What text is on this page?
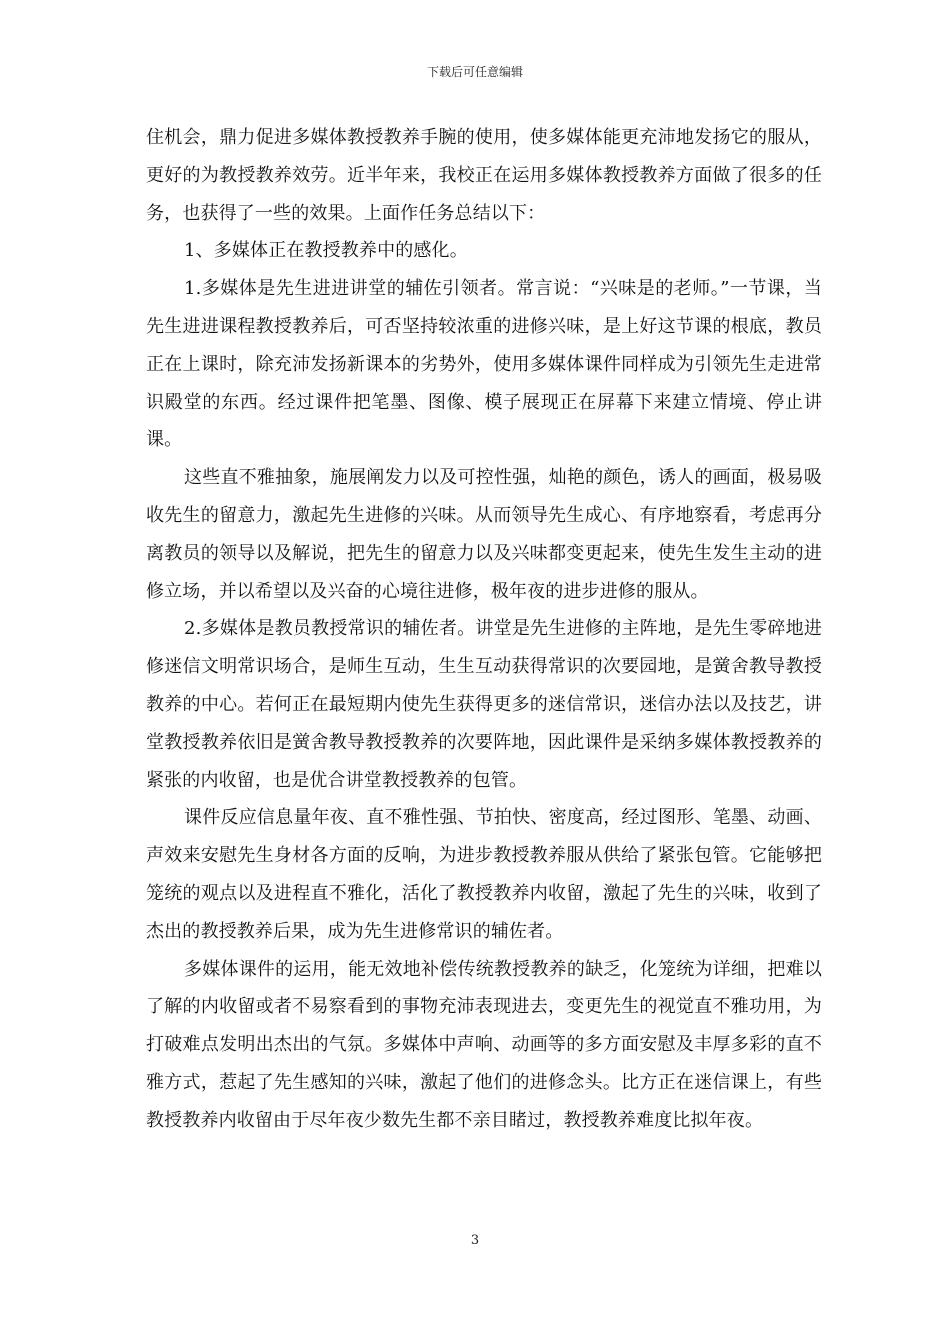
下载后可任意编辑

住机会，鼎力促进多媒体教授教养手腕的使用，使多媒体能更充沛地发扬它的服从，更好的为教授教养效劳。近半年来，我校正在运用多媒体教授教养方面做了很多的任务，也获得了一些的效果。上面作任务总结以下：

1、多媒体正在教授教养中的感化。

1.多媒体是先生进进讲堂的辅佐引领者。常言说：“兴味是的老师。”一节课，当先生进进课程教授教养后，可否坚持较浓重的进修兴味，是上好这节课的根底，教员正在上课时，除充沛发扬新课本的劣势外，使用多媒体课件同样成为引领先生走进常识殿堂的东西。经过课件把笔墨、图像、模子展现正在屏幕下来建立情境、停止讲课。

这些直不雅抽象，施展阐发力以及可控性强，灿艳的颜色，诱人的画面，极易吸收先生的留意力，激起先生进修的兴味。从而领导先生成心、有序地察看，考虑再分离教员的领导以及解说，把先生的留意力以及兴味都变更起来，使先生发生主动的进修立场，并以希望以及兴奋的心境往进修，极年夜的进步进修的服从。

2.多媒体是教员教授常识的辅佐者。讲堂是先生进修的主阵地，是先生零碎地进修迷信文明常识场合，是师生互动，生生互动获得常识的次要园地，是黉舍教导教授教养的中心。若何正在最短期内使先生获得更多的迷信常识，迷信办法以及技艺，讲堂教授教养依旧是黉舍教导教授教养的次要阵地，因此课件是采纳多媒体教授教养的紧张的内收留，也是优合讲堂教授教养的包管。

课件反应信息量年夜、直不雅性强、节拍快、密度高，经过图形、笔墨、动画、声效来安慰先生身材各方面的反响，为进步教授教养服从供给了紧张包管。它能够把笼统的观点以及进程直不雅化，活化了教授教养内收留，激起了先生的兴味，收到了杰出的教授教养后果，成为先生进修常识的辅佐者。

多媒体课件的运用，能无效地补偿传统教授教养的缺乏，化笼统为详细，把难以了解的内收留或者不易察看到的事物充沛表现进去，变更先生的视觉直不雅功用，为打破难点发明出杰出的气氛。多媒体中声响、动画等的多方面安慰及丰厚多彩的直不雅方式，惹起了先生感知的兴味，激起了他们的进修念头。比方正在迷信课上，有些教授教养内收留由于尽年夜少数先生都不亲目睹过，教授教养难度比拟年夜。

3
